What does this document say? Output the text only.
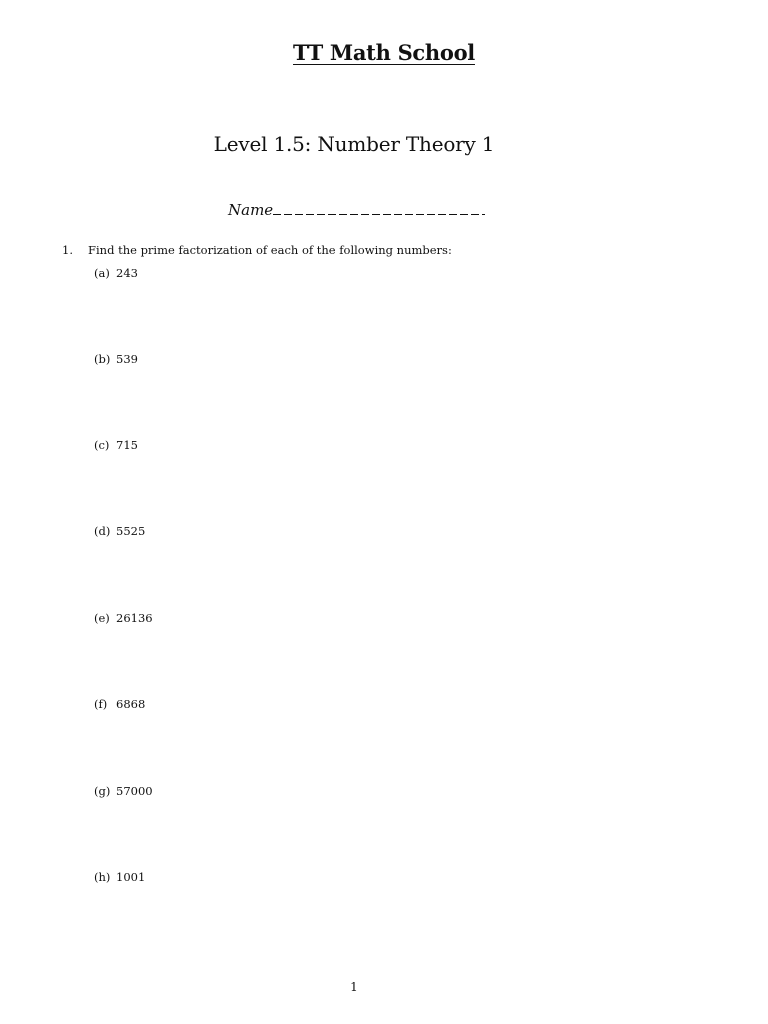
TT Math School
Level 1.5: Number Theory 1
Name
1. Find the prime factorization of each of the following numbers:
(a) 243
(b) 539
(c) 715
(d) 5525
(e) 26136
(f) 6868
(g) 57000
(h) 1001
1
